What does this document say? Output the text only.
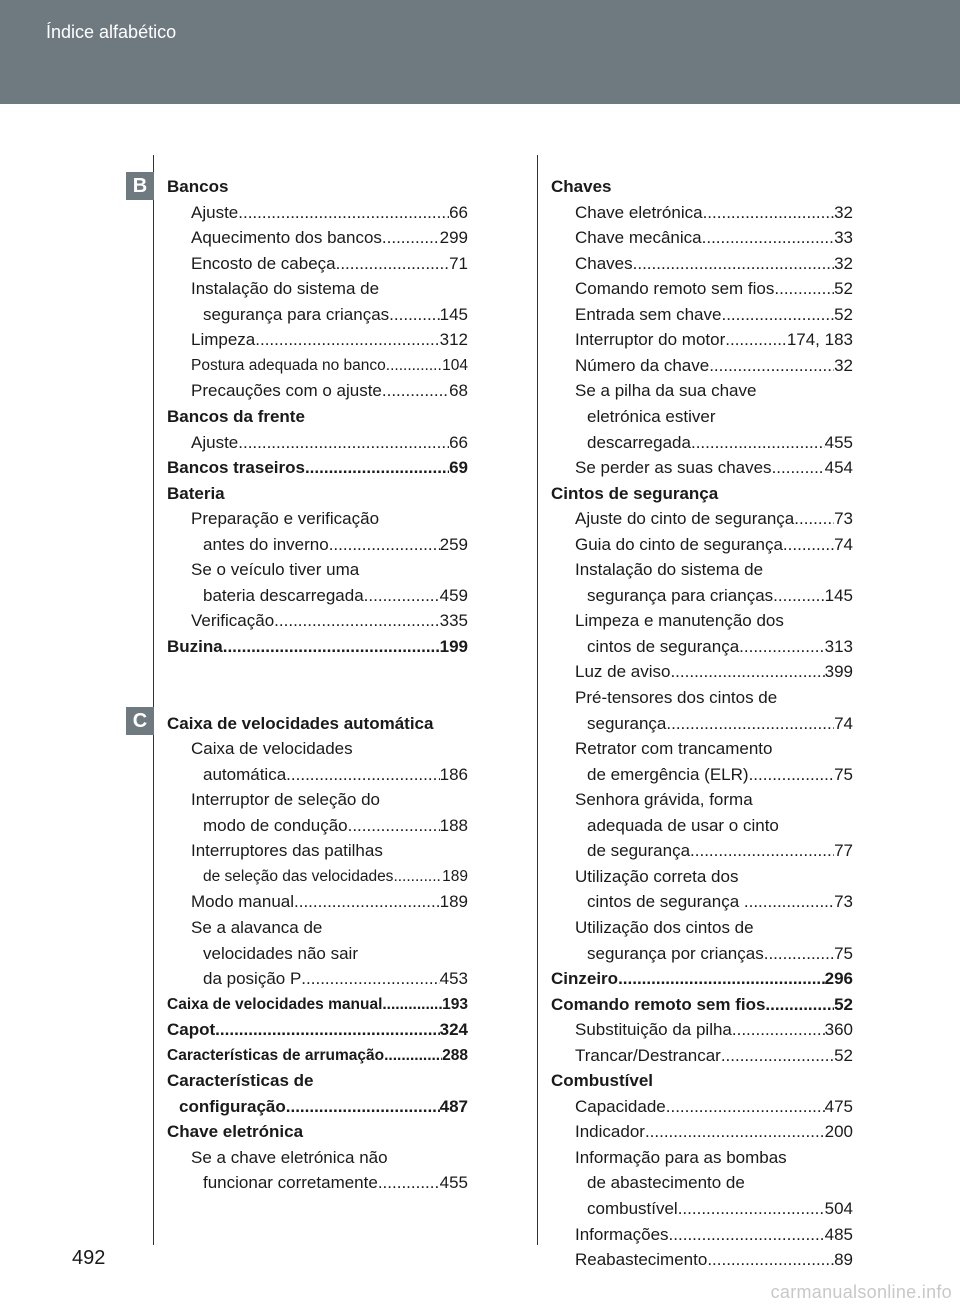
Índice alfabético
B
C
Bancos
Ajuste .....	66
Aquecimento dos bancos .....	299
Encosto de cabeça .....	71
Instalação do sistema de
segurança para crianças .....	145
Limpeza .....	312
Postura adequada no banco .....	104
Precauções com o ajuste .....	68
Bancos da frente
Ajuste .....	66
Bancos traseiros .....	69
Bateria
Preparação e verificação
antes do inverno .....	259
Se o veículo tiver uma
bateria descarregada .....	459
Verificação .....	335
Buzina .....	199
Caixa de velocidades automática
Caixa de velocidades
automática .....	186
Interruptor de seleção do
modo de condução .....	188
Interruptores das patilhas
de seleção das velocidades .....	189
Modo manual .....	189
Se a alavanca de
velocidades não sair
da posição P .....	453
Caixa de velocidades manual .....	193
Capot .....	324
Características de arrumação .....	288
Características de
configuração .....	487
Chave eletrónica
Se a chave eletrónica não
funcionar corretamente .....	455
Chaves
Chave eletrónica .....	32
Chave mecânica .....	33
Chaves .....	32
Comando remoto sem fios .....	52
Entrada sem chave .....	52
Interruptor do motor .....	174, 183
Número da chave .....	32
Se a pilha da sua chave
eletrónica estiver
descarregada .....	455
Se perder as suas chaves .....	454
Cintos de segurança
Ajuste do cinto de segurança ..... 73
Guia do cinto de segurança .....	74
Instalação do sistema de
segurança para crianças .....	145
Limpeza e manutenção dos
cintos de segurança .....	313
Luz de aviso .....	399
Pré-tensores dos cintos de
segurança .....	74
Retrator com trancamento
de emergência (ELR) .....	75
Senhora grávida, forma
adequada de usar o cinto
de segurança .....	77
Utilização correta dos
cintos de segurança .....	73
Utilização dos cintos de
segurança por crianças .....	75
Cinzeiro .....	296
Comando remoto sem fios .....	52
Substituição da pilha .....	360
Trancar/Destrancar .....	52
Combustível
Capacidade .....	475
Indicador .....	200
Informação para as bombas
de abastecimento de
combustível .....	504
Informações .....	485
Reabastecimento .....	89
492
carmanualsonline.info
